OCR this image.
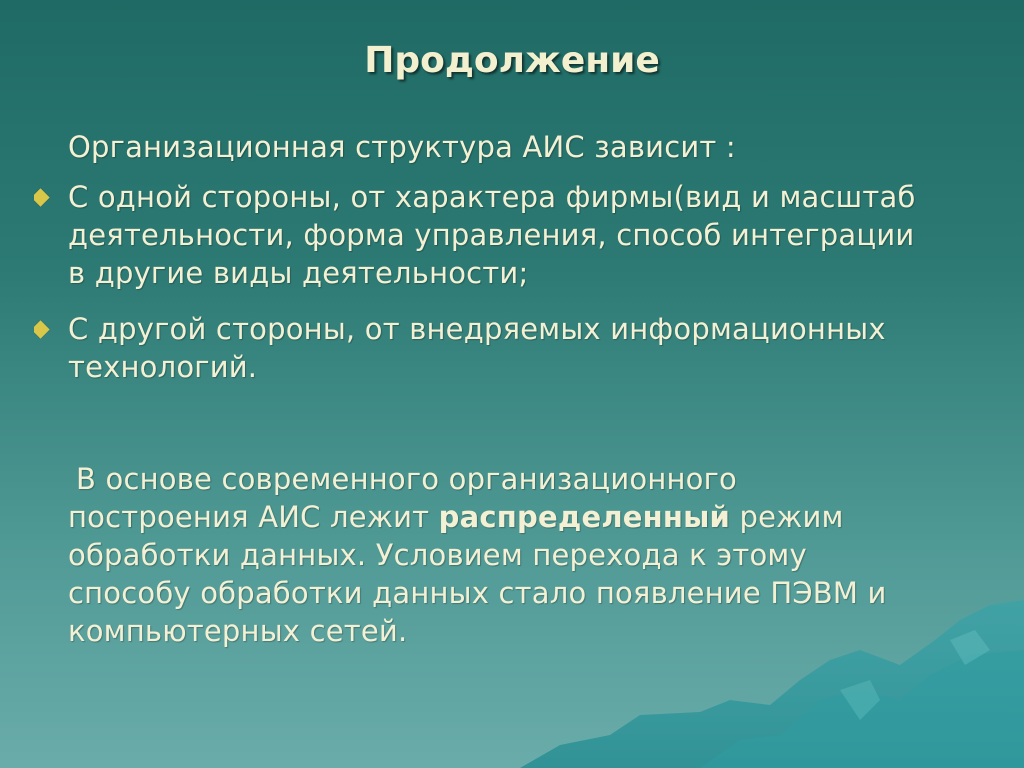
Продолжение
Организационная структура АИС зависит :
С одной стороны, от характера фирмы(вид и масштаб
деятельности, форма управления, способ интеграции
в другие виды деятельности;
С другой стороны, от внедряемых информационных
технологий.
В основе современного организационного
построения АИС лежит распределенный режим
обработки данных. Условием перехода к этому
способу обработки данных стало появление ПЭВМ и
компьютерных сетей.
